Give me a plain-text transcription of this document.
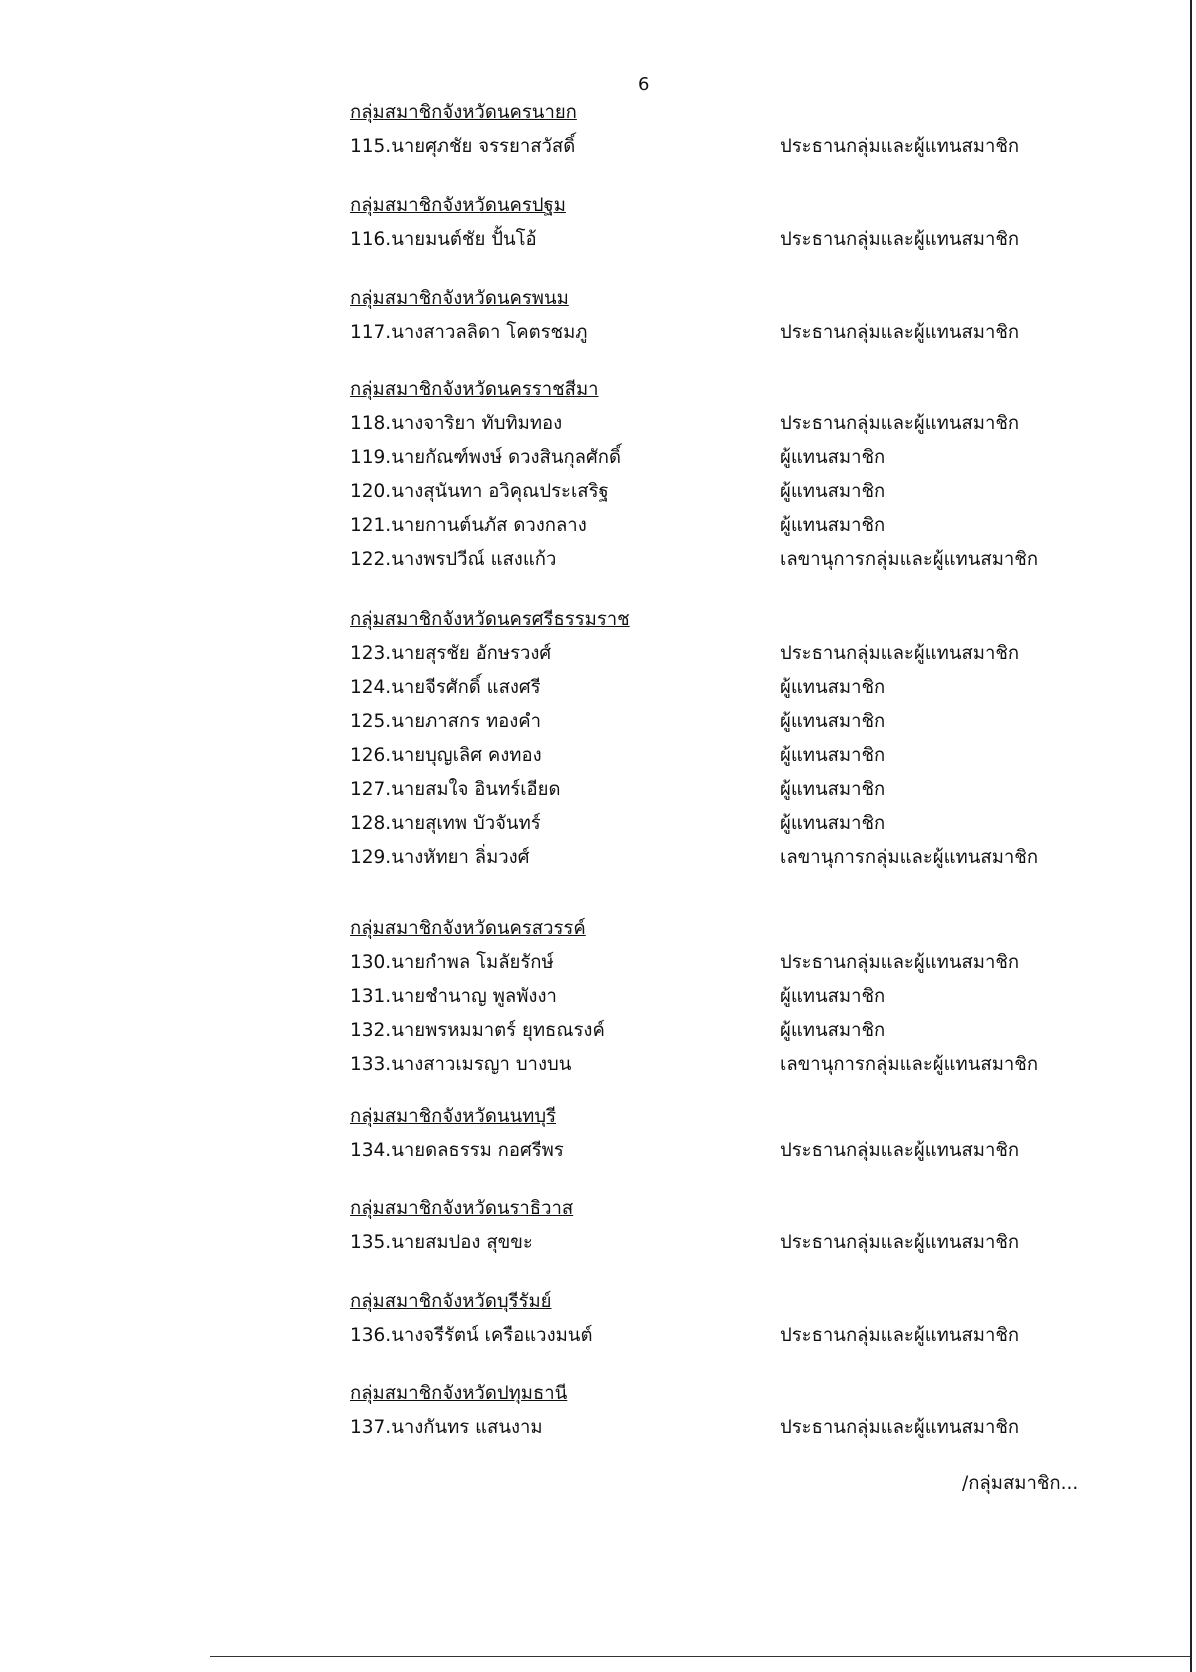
6
กลุ่มสมาชิกจังหวัดนครนายก
115.นายศุภชัย จรรยาสวัสดิ์	ประธานกลุ่มและผู้แทนสมาชิก
กลุ่มสมาชิกจังหวัดนครปฐม
116.นายมนต์ชัย ปั้นโอ้	ประธานกลุ่มและผู้แทนสมาชิก
กลุ่มสมาชิกจังหวัดนครพนม
117.นางสาวลลิดา โคตรชมภู	ประธานกลุ่มและผู้แทนสมาชิก
กลุ่มสมาชิกจังหวัดนครราชสีมา
118.นางจาริยา ทับทิมทอง	ประธานกลุ่มและผู้แทนสมาชิก
119.นายกัณฑ์พงษ์ ดวงสินกุลศักดิ์	ผู้แทนสมาชิก
120.นางสุนันทา อวิคุณประเสริฐ	ผู้แทนสมาชิก
121.นายกานต์นภัส ดวงกลาง	ผู้แทนสมาชิก
122.นางพรปวีณ์ แสงแก้ว	เลขานุการกลุ่มและผู้แทนสมาชิก
กลุ่มสมาชิกจังหวัดนครศรีธรรมราช
123.นายสุรชัย อักษรวงศ์	ประธานกลุ่มและผู้แทนสมาชิก
124.นายจีรศักดิ์ แสงศรี	ผู้แทนสมาชิก
125.นายภาสกร ทองคำ	ผู้แทนสมาชิก
126.นายบุญเลิศ คงทอง	ผู้แทนสมาชิก
127.นายสมใจ อินทร์เอียด	ผู้แทนสมาชิก
128.นายสุเทพ บัวจันทร์	ผู้แทนสมาชิก
129.นางหัทยา ลิ่มวงศ์	เลขานุการกลุ่มและผู้แทนสมาชิก
กลุ่มสมาชิกจังหวัดนครสวรรค์
130.นายกำพล โมลัยรักษ์	ประธานกลุ่มและผู้แทนสมาชิก
131.นายชำนาญ พูลพังงา	ผู้แทนสมาชิก
132.นายพรหมมาตร์ ยุทธณรงค์	ผู้แทนสมาชิก
133.นางสาวเมรญา บางบน	เลขานุการกลุ่มและผู้แทนสมาชิก
กลุ่มสมาชิกจังหวัดนนทบุรี
134.นายดลธรรม กอศรีพร	ประธานกลุ่มและผู้แทนสมาชิก
กลุ่มสมาชิกจังหวัดนราธิวาส
135.นายสมปอง สุขขะ	ประธานกลุ่มและผู้แทนสมาชิก
กลุ่มสมาชิกจังหวัดบุรีรัมย์
136.นางจรีรัตน์ เครือแวงมนต์	ประธานกลุ่มและผู้แทนสมาชิก
กลุ่มสมาชิกจังหวัดปทุมธานี
137.นางกันทร แสนงาม	ประธานกลุ่มและผู้แทนสมาชิก
/กลุ่มสมาชิก...
